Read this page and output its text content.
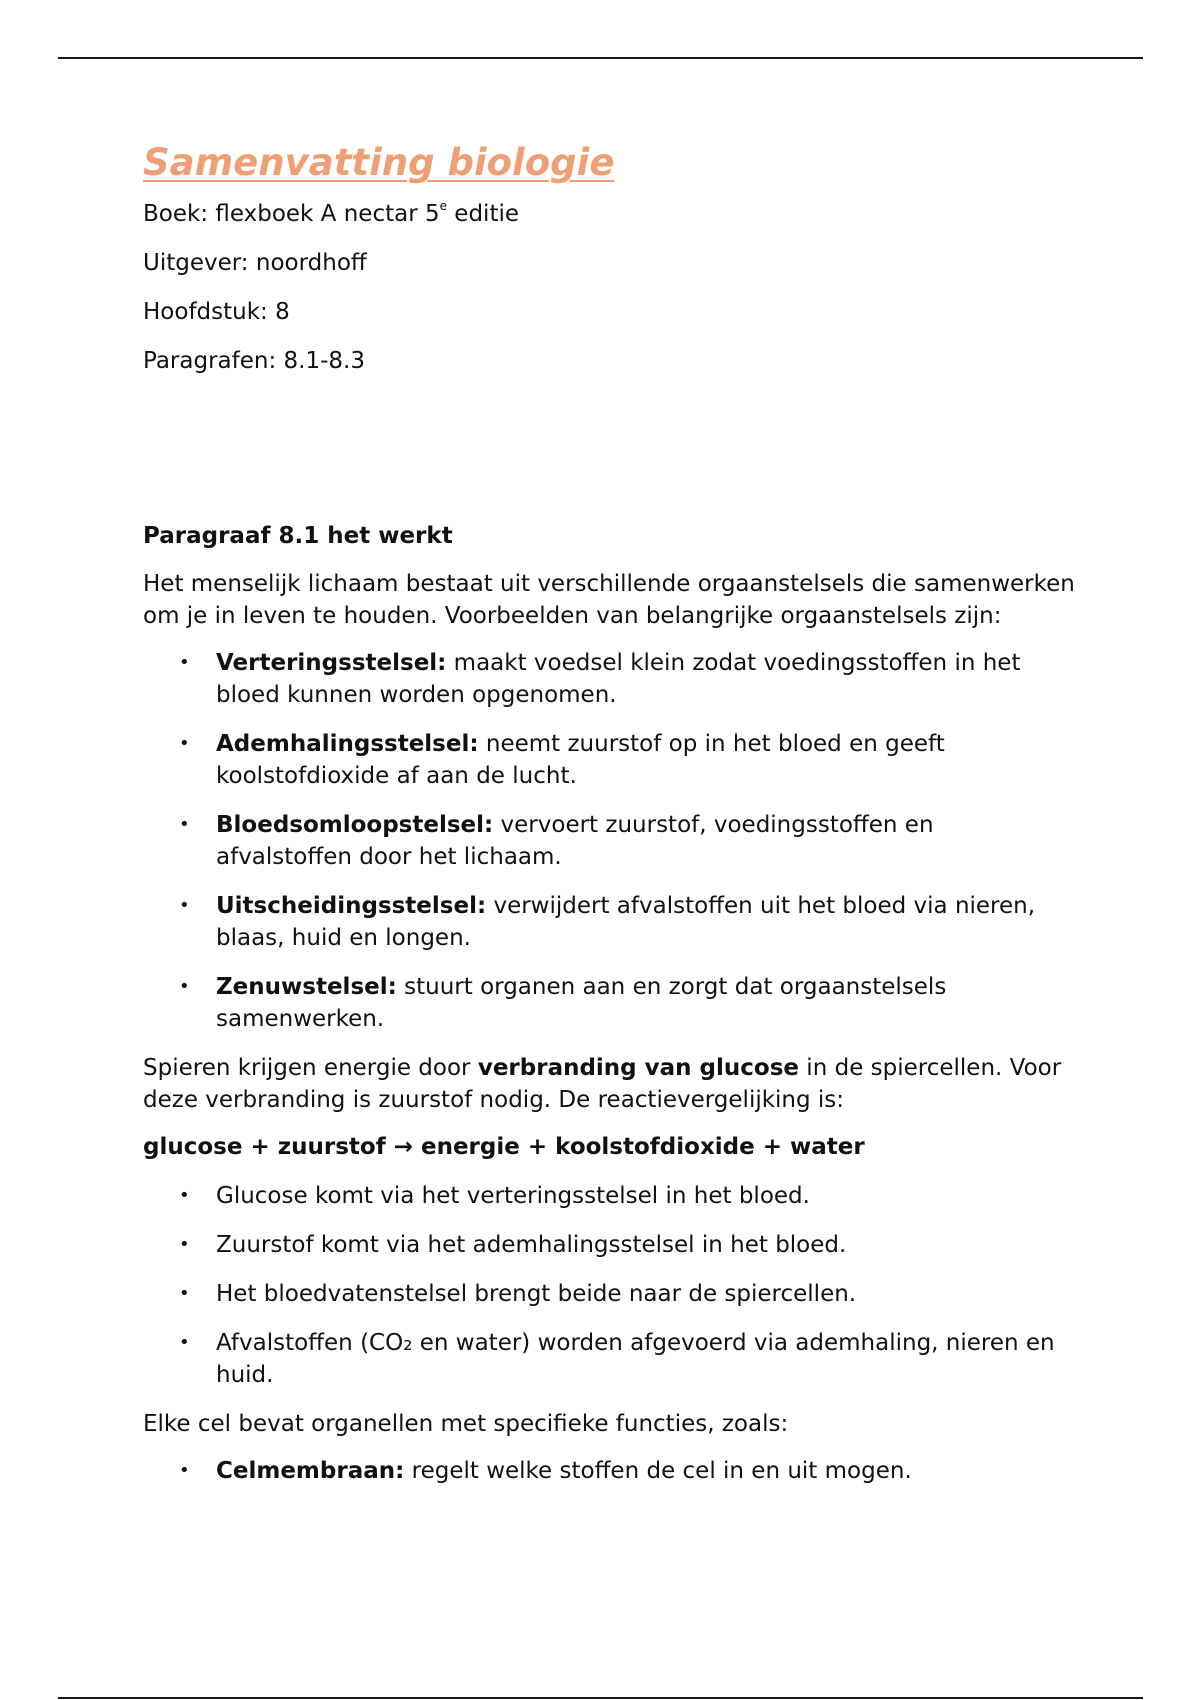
Samenvatting biologie
Boek: flexboek A nectar 5e editie
Uitgever: noordhoff
Hoofdstuk: 8
Paragrafen: 8.1-8.3
Paragraaf 8.1 het werkt

Het menselijk lichaam bestaat uit verschillende orgaanstelsels die samenwerken om je in leven te houden. Voorbeelden van belangrijke orgaanstelsels zijn:

• Verteringsstelsel: maakt voedsel klein zodat voedingsstoffen in het bloed kunnen worden opgenomen.
• Ademhalingsstelsel: neemt zuurstof op in het bloed en geeft koolstofdioxide af aan de lucht.
• Bloedsomloopstelsel: vervoert zuurstof, voedingsstoffen en afvalstoffen door het lichaam.
• Uitscheidingsstelsel: verwijdert afvalstoffen uit het bloed via nieren, blaas, huid en longen.
• Zenuwstelsel: stuurt organen aan en zorgt dat orgaanstelsels samenwerken.

Spieren krijgen energie door verbranding van glucose in de spiercellen. Voor deze verbranding is zuurstof nodig. De reactievergelijking is:

glucose + zuurstof → energie + koolstofdioxide + water
• Glucose komt via het verteringsstelsel in het bloed.
• Zuurstof komt via het ademhalingsstelsel in het bloed.
• Het bloedvatenstelsel brengt beide naar de spiercellen.
• Afvalstoffen (CO₂ en water) worden afgevoerd via ademhaling, nieren en huid.

Elke cel bevat organellen met specifieke functies, zoals:

• Celmembraan: regelt welke stoffen de cel in en uit mogen.
